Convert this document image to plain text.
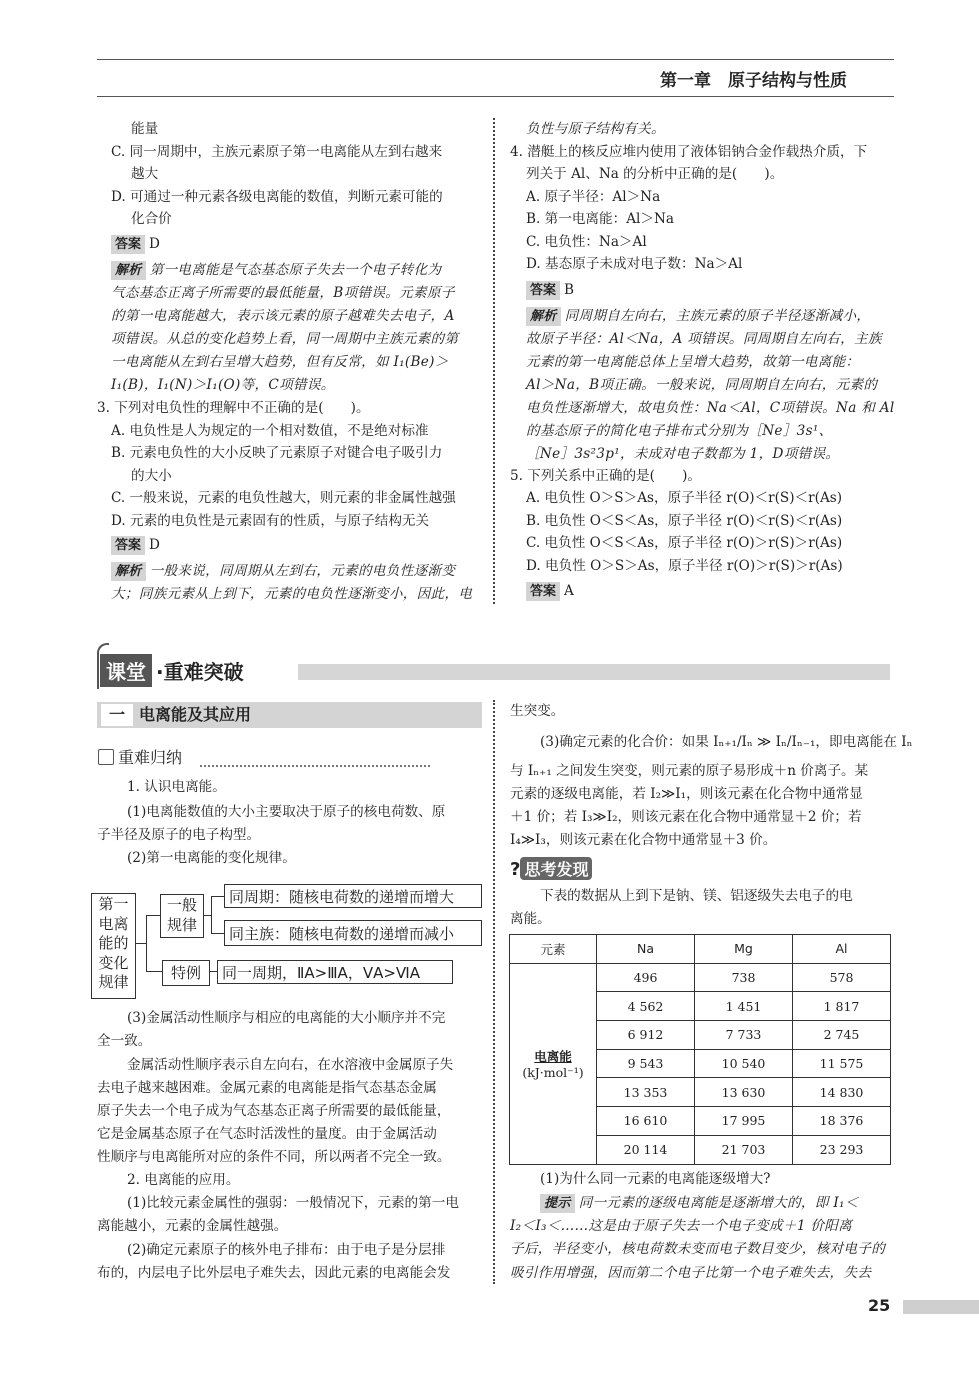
第一章　原子结构与性质
能量
C. 同一周期中，主族元素原子第一电离能从左到右越来
越大
D. 可通过一种元素各级电离能的数值，判断元素可能的
化合价
答案 D
解析 第一电离能是气态基态原子失去一个电子转化为
气态基态正离子所需要的最低能量，B项错误。元素原子
的第一电离能越大，表示该元素的原子越难失去电子，A
项错误。从总的变化趋势上看，同一周期中主族元素的第
一电离能从左到右呈增大趋势，但有反常，如 I₁(Be)＞
I₁(B)，I₁(N)＞I₁(O)等，C项错误。
3. 下列对电负性的理解中不正确的是(　　)。
A. 电负性是人为规定的一个相对数值，不是绝对标准
B. 元素电负性的大小反映了元素原子对键合电子吸引力
的大小
C. 一般来说，元素的电负性越大，则元素的非金属性越强
D. 元素的电负性是元素固有的性质，与原子结构无关
答案 D
解析 一般来说，同周期从左到右，元素的电负性逐渐变
大；同族元素从上到下，元素的电负性逐渐变小，因此，电
负性与原子结构有关。
4. 潜艇上的核反应堆内使用了液体铝钠合金作载热介质，下
列关于 Al、Na 的分析中正确的是(　　)。
A. 原子半径：Al＞Na
B. 第一电离能：Al＞Na
C. 电负性：Na＞Al
D. 基态原子未成对电子数：Na＞Al
答案 B
解析 同周期自左向右，主族元素的原子半径逐渐减小，
故原子半径：Al＜Na，A 项错误。同周期自左向右，主族
元素的第一电离能总体上呈增大趋势，故第一电离能：
Al＞Na，B项正确。一般来说，同周期自左向右，元素的
电负性逐渐增大，故电负性：Na＜Al，C项错误。Na 和 Al
的基态原子的简化电子排布式分别为［Ne］3s¹、
［Ne］3s²3p¹，未成对电子数都为 1，D项错误。
5. 下列关系中正确的是(　　)。
A. 电负性 O＞S＞As，原子半径 r(O)＜r(S)＜r(As)
B. 电负性 O＜S＜As，原子半径 r(O)＜r(S)＜r(As)
C. 电负性 O＜S＜As，原子半径 r(O)＞r(S)＞r(As)
D. 电负性 O＞S＞As，原子半径 r(O)＞r(S)＞r(As)
答案 A
课堂 ·重难突破
一 电离能及其应用
重难归纳
1. 认识电离能。
(1)电离能数值的大小主要取决于原子的核电荷数、原
子半径及原子的电子构型。
(2)第一电离能的变化规律。
第一
电离
能的
变化
规律
一般
规律
同周期：随核电荷数的递增而增大
同主族：随核电荷数的递增而减小
特例	同一周期，ⅡA>ⅢA，ⅤA>ⅥA
(3)金属活动性顺序与相应的电离能的大小顺序并不完
全一致。
金属活动性顺序表示自左向右，在水溶液中金属原子失
去电子越来越困难。金属元素的电离能是指气态基态金属
原子失去一个电子成为气态基态正离子所需要的最低能量，
它是金属基态原子在气态时活泼性的量度。由于金属活动
性顺序与电离能所对应的条件不同，所以两者不完全一致。
2. 电离能的应用。
(1)比较元素金属性的强弱：一般情况下，元素的第一电
离能越小，元素的金属性越强。
(2)确定元素原子的核外电子排布：由于电子是分层排
布的，内层电子比外层电子难失去，因此元素的电离能会发
生突变。
(3)确定元素的化合价：如果 Iₙ₊₁/Iₙ ≫ Iₙ/Iₙ₋₁，即电离能在 Iₙ
与 Iₙ₊₁ 之间发生突变，则元素的原子易形成＋n 价离子。某
元素的逐级电离能，若 I₂≫I₁，则该元素在化合物中通常显
＋1 价；若 I₃≫I₂，则该元素在化合物中通常显＋2 价；若
I₄≫I₃，则该元素在化合物中通常显＋3 价。
? 思考发现
下表的数据从上到下是钠、镁、铝逐级失去电子的电
离能。
元素	Na	Mg	Al

电离能
(kJ·mol⁻¹)	496	738	578
	4 562	1 451	1 817
	6 912	7 733	2 745
	9 543	10 540	11 575
	13 353	13 630	14 830
	16 610	17 995	18 376
	20 114	21 703	23 293
(1)为什么同一元素的电离能逐级增大?
提示 同一元素的逐级电离能是逐渐增大的，即 I₁＜
I₂＜I₃＜……这是由于原子失去一个电子变成＋1 价阳离
子后，半径变小，核电荷数未变而电子数目变少，核对电子的
吸引作用增强，因而第二个电子比第一个电子难失去，失去
25
